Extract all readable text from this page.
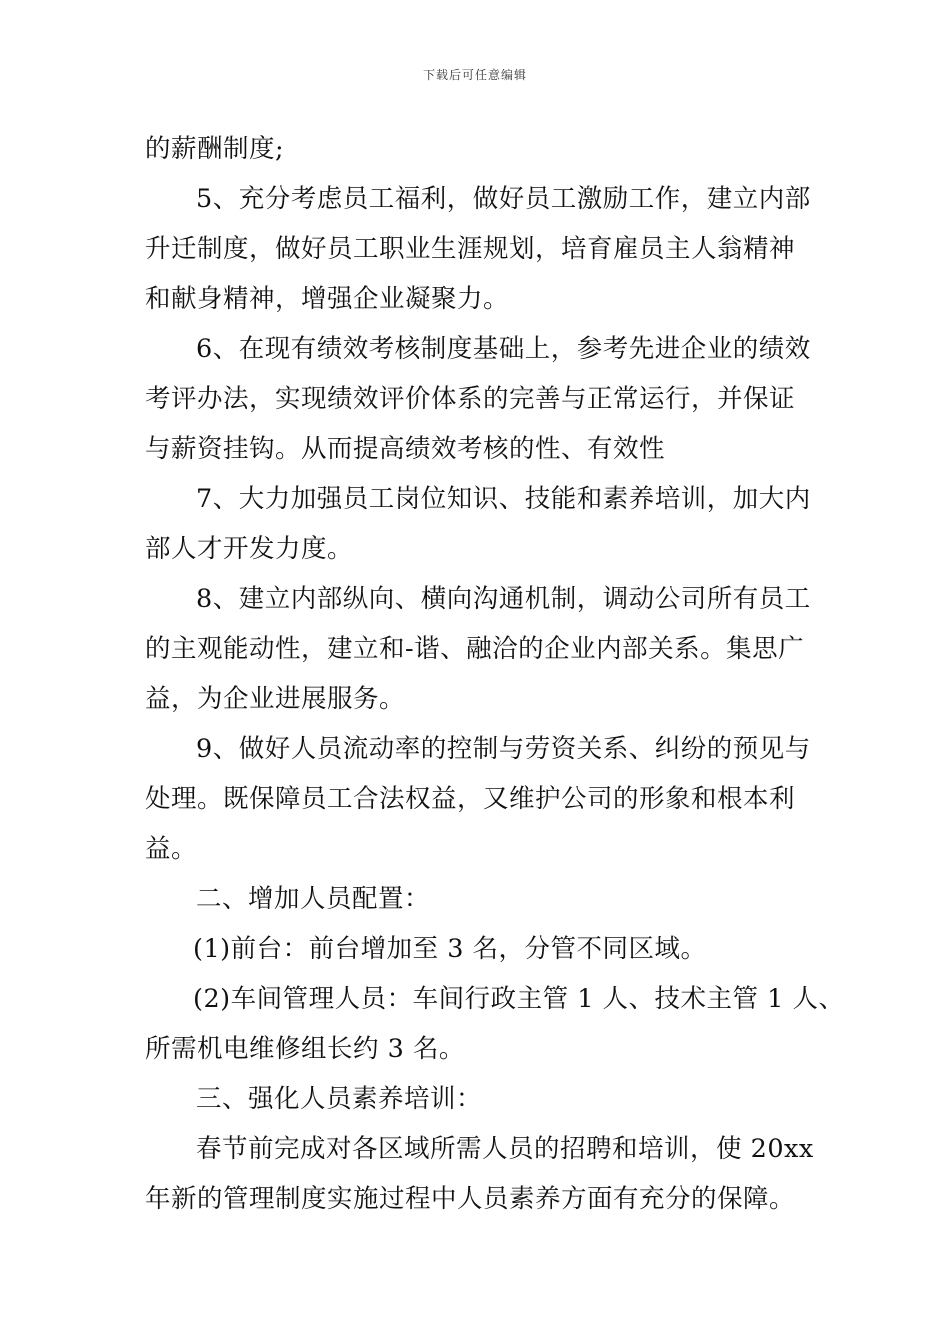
下载后可任意编辑

的薪酬制度;

5、充分考虑员工福利，做好员工激励工作，建立内部

升迁制度，做好员工职业生涯规划，培育雇员主人翁精神

和献身精神，增强企业凝聚力。

6、在现有绩效考核制度基础上，参考先进企业的绩效

考评办法，实现绩效评价体系的完善与正常运行，并保证

与薪资挂钩。从而提高绩效考核的性、有效性

7、大力加强员工岗位知识、技能和素养培训，加大内

部人才开发力度。

8、建立内部纵向、横向沟通机制，调动公司所有员工

的主观能动性，建立和-谐、融洽的企业内部关系。集思广

益，为企业进展服务。

9、做好人员流动率的控制与劳资关系、纠纷的预见与

处理。既保障员工合法权益，又维护公司的形象和根本利

益。

二、增加人员配置：

(1)前台：前台增加至 3 名，分管不同区域。

(2)车间管理人员：车间行政主管 1 人、技术主管 1 人、

所需机电维修组长约 3 名。

三、强化人员素养培训：

春节前完成对各区域所需人员的招聘和培训，使 20xx

年新的管理制度实施过程中人员素养方面有充分的保障。
